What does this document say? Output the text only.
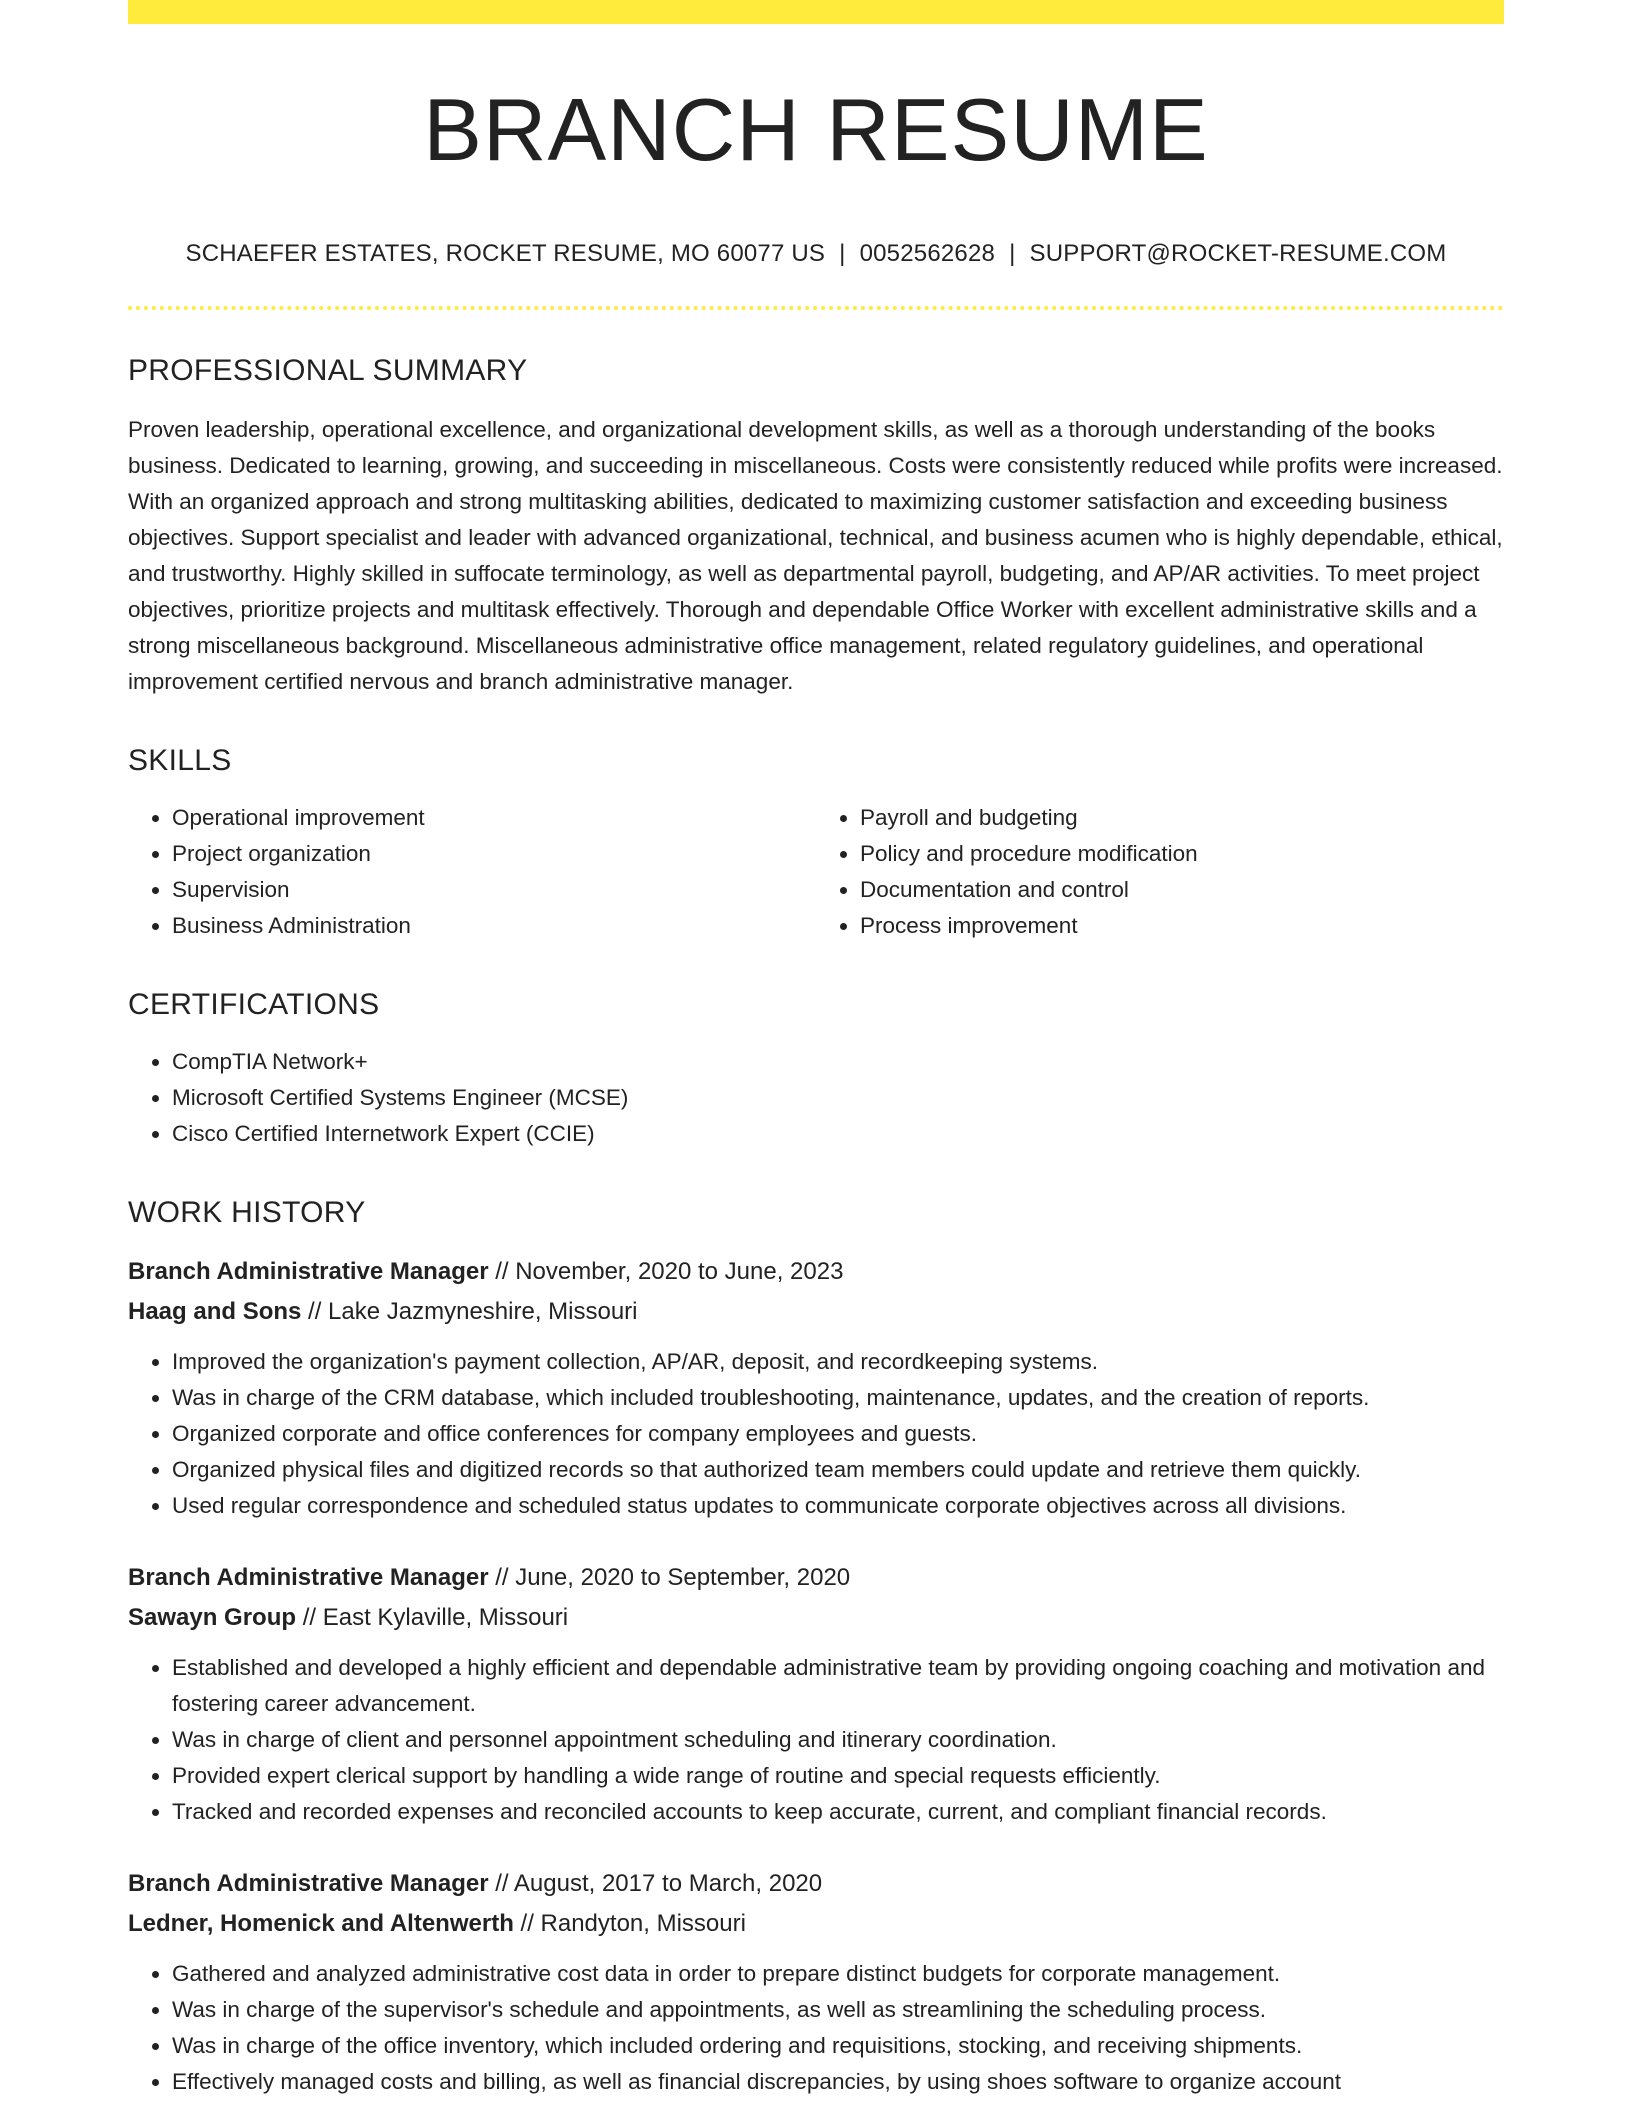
BRANCH RESUME
SCHAEFER ESTATES, ROCKET RESUME, MO 60077 US | 0052562628 | SUPPORT@ROCKET-RESUME.COM
PROFESSIONAL SUMMARY
Proven leadership, operational excellence, and organizational development skills, as well as a thorough understanding of the books business. Dedicated to learning, growing, and succeeding in miscellaneous. Costs were consistently reduced while profits were increased. With an organized approach and strong multitasking abilities, dedicated to maximizing customer satisfaction and exceeding business objectives. Support specialist and leader with advanced organizational, technical, and business acumen who is highly dependable, ethical, and trustworthy. Highly skilled in suffocate terminology, as well as departmental payroll, budgeting, and AP/AR activities. To meet project objectives, prioritize projects and multitask effectively. Thorough and dependable Office Worker with excellent administrative skills and a strong miscellaneous background. Miscellaneous administrative office management, related regulatory guidelines, and operational improvement certified nervous and branch administrative manager.
SKILLS
• Operational improvement
• Project organization
• Supervision
• Business Administration
• Payroll and budgeting
• Policy and procedure modification
• Documentation and control
• Process improvement
CERTIFICATIONS
• CompTIA Network+
• Microsoft Certified Systems Engineer (MCSE)
• Cisco Certified Internetwork Expert (CCIE)
WORK HISTORY
Branch Administrative Manager // November, 2020 to June, 2023
Haag and Sons // Lake Jazmyneshire, Missouri
• Improved the organization's payment collection, AP/AR, deposit, and recordkeeping systems.
• Was in charge of the CRM database, which included troubleshooting, maintenance, updates, and the creation of reports.
• Organized corporate and office conferences for company employees and guests.
• Organized physical files and digitized records so that authorized team members could update and retrieve them quickly.
• Used regular correspondence and scheduled status updates to communicate corporate objectives across all divisions.
Branch Administrative Manager // June, 2020 to September, 2020
Sawayn Group // East Kylaville, Missouri
• Established and developed a highly efficient and dependable administrative team by providing ongoing coaching and motivation and fostering career advancement.
• Was in charge of client and personnel appointment scheduling and itinerary coordination.
• Provided expert clerical support by handling a wide range of routine and special requests efficiently.
• Tracked and recorded expenses and reconciled accounts to keep accurate, current, and compliant financial records.
Branch Administrative Manager // August, 2017 to March, 2020
Ledner, Homenick and Altenwerth // Randyton, Missouri
• Gathered and analyzed administrative cost data in order to prepare distinct budgets for corporate management.
• Was in charge of the supervisor's schedule and appointments, as well as streamlining the scheduling process.
• Was in charge of the office inventory, which included ordering and requisitions, stocking, and receiving shipments.
• Effectively managed costs and billing, as well as financial discrepancies, by using shoes software to organize account
